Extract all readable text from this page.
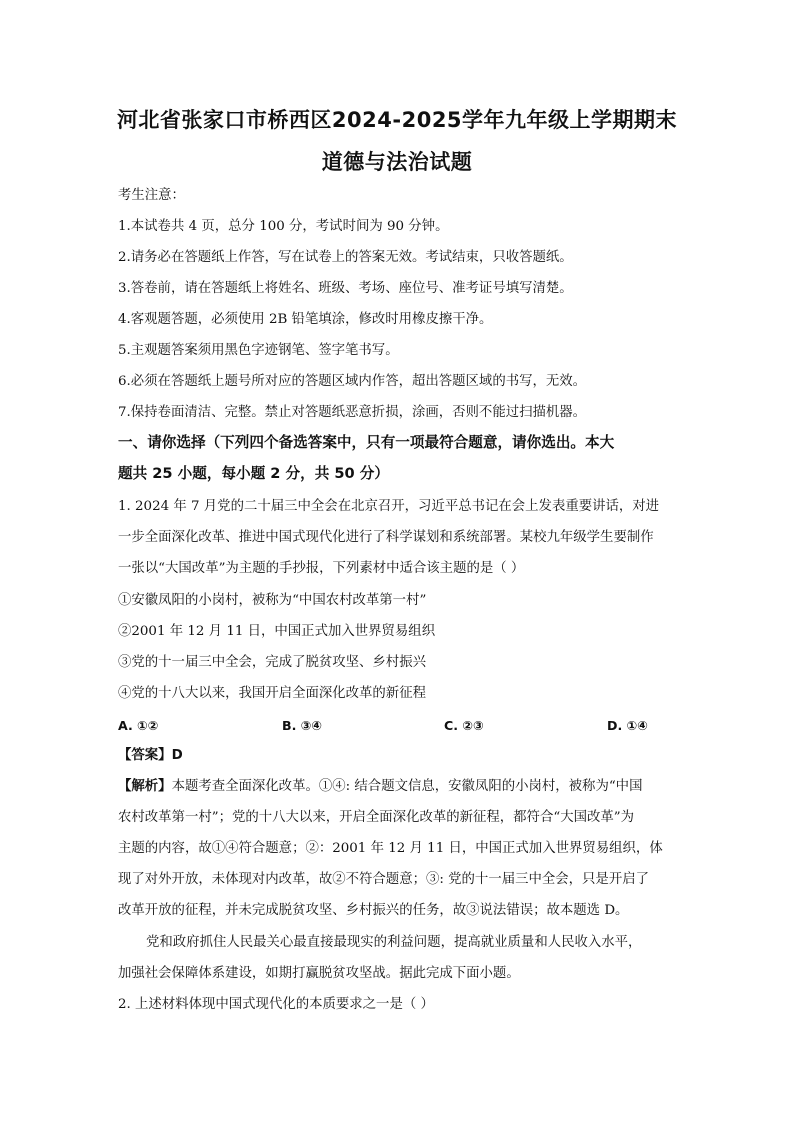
河北省张家口市桥西区2024-2025学年九年级上学期期末
道德与法治试题
考生注意：
1.本试卷共 4 页，总分 100 分，考试时间为 90 分钟。
2.请务必在答题纸上作答，写在试卷上的答案无效。考试结束，只收答题纸。
3.答卷前，请在答题纸上将姓名、班级、考场、座位号、准考证号填写清楚。
4.客观题答题，必须使用 2B 铅笔填涂，修改时用橡皮擦干净。
5.主观题答案须用黑色字迹钢笔、签字笔书写。
6.必须在答题纸上题号所对应的答题区域内作答，超出答题区域的书写，无效。
7.保持卷面清洁、完整。禁止对答题纸恶意折损，涂画，否则不能过扫描机器。
一、请你选择（下列四个备选答案中，只有一项最符合题意，请你选出。本大
题共 25 小题，每小题 2 分，共 50 分）
1. 2024 年 7 月党的二十届三中全会在北京召开，习近平总书记在会上发表重要讲话，对进
一步全面深化改革、推进中国式现代化进行了科学谋划和系统部署。某校九年级学生要制作
一张以“大国改革”为主题的手抄报，下列素材中适合该主题的是（ ）
①安徽凤阳的小岗村，被称为“中国农村改革第一村”
②2001 年 12 月 11 日，中国正式加入世界贸易组织
③党的十一届三中全会，完成了脱贫攻坚、乡村振兴
④党的十八大以来，我国开启全面深化改革的新征程
A. ①②	B. ③④	C. ②③	D. ①④
【答案】D
【解析】本题考查全面深化改革。①④: 结合题文信息，安徽凤阳的小岗村，被称为“中国
农村改革第一村”；党的十八大以来，开启全面深化改革的新征程，都符合“大国改革”为
主题的内容，故①④符合题意；②：2001 年 12 月 11 日，中国正式加入世界贸易组织，体
现了对外开放，未体现对内改革，故②不符合题意；③: 党的十一届三中全会，只是开启了
改革开放的征程，并未完成脱贫攻坚、乡村振兴的任务，故③说法错误；故本题选 D。
党和政府抓住人民最关心最直接最现实的利益问题，提高就业质量和人民收入水平，
加强社会保障体系建设，如期打赢脱贫攻坚战。据此完成下面小题。
2. 上述材料体现中国式现代化的本质要求之一是（ ）
